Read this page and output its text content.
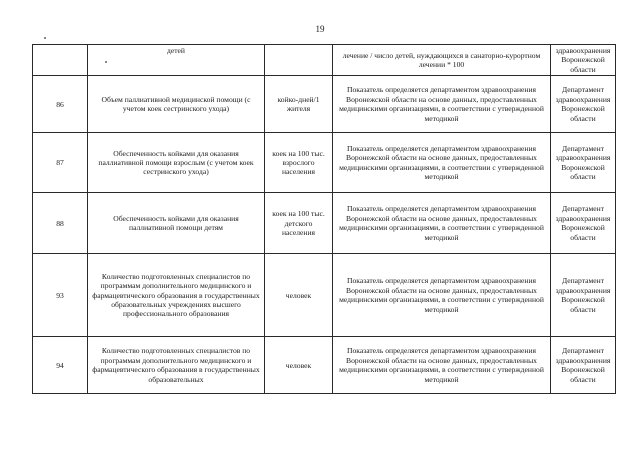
19
	детей		лечение / число детей, нуждающихся в санаторно-курортном лечении * 100	здравоохранения Воронежской области
86	Объем паллиативной медицинской помощи (с учетом коек сестринского ухода)	койко-дней/1 жителя	Показатель определяется департаментом здравоохранения Воронежской области на основе данных, предоставленных медицинскими организациями, в соответствии с утвержденной методикой	Департамент здравоохранения Воронежской области
87	Обеспеченность койками для оказания паллиативной помощи взрослым (с учетом коек сестринского ухода)	коек на 100 тыс. взрослого населения	Показатель определяется департаментом здравоохранения Воронежской области на основе данных, предоставленных медицинскими организациями, в соответствии с утвержденной методикой	Департамент здравоохранения Воронежской области
88	Обеспеченность койками для оказания паллиативной помощи детям	коек на 100 тыс. детского населения	Показатель определяется департаментом здравоохранения Воронежской области на основе данных, предоставленных медицинскими организациями, в соответствии с утвержденной методикой	Департамент здравоохранения Воронежской области
93	Количество подготовленных специалистов по программам дополнительного медицинского и фармацевтического образования в государственных образовательных учреждениях высшего профессионального образования	человек	Показатель определяется департаментом здравоохранения Воронежской области на основе данных, предоставленных медицинскими организациями, в соответствии с утвержденной методикой	Департамент здравоохранения Воронежской области
94	Количество подготовленных специалистов по программам дополнительного медицинского и фармацевтического образования в государственных образовательных	человек	Показатель определяется департаментом здравоохранения Воронежской области на основе данных, предоставленных медицинскими организациями, в соответствии с утвержденной методикой	Департамент здравоохранения Воронежской области
